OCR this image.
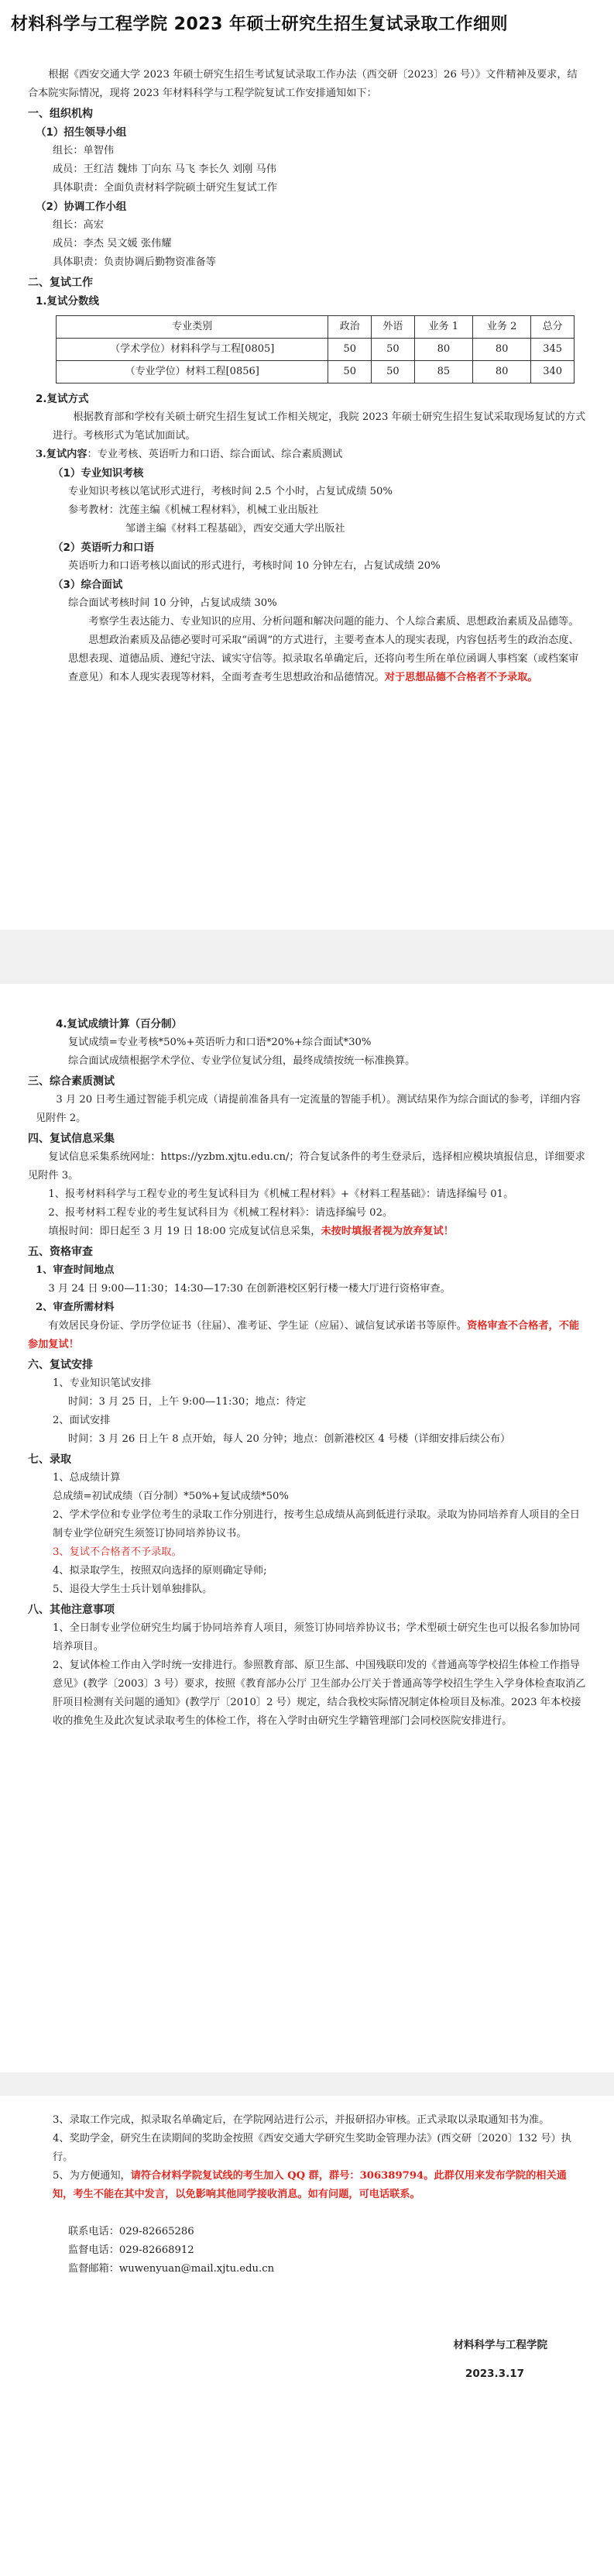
材料科学与工程学院 2023 年硕士研究生招生复试录取工作细则

根据《西安交通大学 2023 年硕士研究生招生考试复试录取工作办法（西交研〔2023〕26 号）》文件精神及要求，结合本院实际情况，现将 2023 年材料科学与工程学院复试工作安排通知如下：

一、组织机构

（1）招生领导小组

组长：单智伟

成员：王红洁 魏炜 丁向东 马飞 李长久 刘刚 马伟

具体职责：全面负责材料学院硕士研究生复试工作

（2）协调工作小组

组长：高宏

成员：李杰 吴文媛 张伟耀

具体职责：负责协调后勤物资准备等

二、复试工作

1.复试分数线

专业类别	政治	外语	业务 1	业务 2	总分
（学术学位）材料科学与工程[0805]	50	50	80	80	345
（专业学位）材料工程[0856]	50	50	85	80	340

2.复试方式

根据教育部和学校有关硕士研究生招生复试工作相关规定，我院 2023 年硕士研究生招生复试采取现场复试的方式进行。考核形式为笔试加面试。

3.复试内容：专业考核、英语听力和口语、综合面试、综合素质测试

（1）专业知识考核

专业知识考核以笔试形式进行，考核时间 2.5 个小时，占复试成绩 50%

参考教材：沈莲主编《机械工程材料》，机械工业出版社

邹谱主编《材料工程基础》，西安交通大学出版社

（2）英语听力和口语

英语听力和口语考核以面试的形式进行，考核时间 10 分钟左右，占复试成绩 20%

（3）综合面试

综合面试考核时间 10 分钟，占复试成绩 30%

考察学生表达能力、专业知识的应用、分析问题和解决问题的能力、个人综合素质、思想政治素质及品德等。

思想政治素质及品德必要时可采取“函调”的方式进行，主要考查本人的现实表现，内容包括考生的政治态度、思想表现、道德品质、遵纪守法、诚实守信等。拟录取名单确定后，还将向考生所在单位函调人事档案（或档案审查意见）和本人现实表现等材料，全面考查考生思想政治和品德情况。对于思想品德不合格者不予录取。

4.复试成绩计算（百分制）

复试成绩=专业考核*50%+英语听力和口语*20%+综合面试*30%

综合面试成绩根据学术学位、专业学位复试分组，最终成绩按统一标准换算。

三、综合素质测试

3 月 20 日考生通过智能手机完成（请提前准备具有一定流量的智能手机）。测试结果作为综合面试的参考，详细内容见附件 2。

四、复试信息采集

复试信息采集系统网址：https://yzbm.xjtu.edu.cn/；符合复试条件的考生登录后，选择相应模块填报信息，详细要求见附件 3。

1、报考材料科学与工程专业的考生复试科目为《机械工程材料》+《材料工程基础》：请选择编号 01。

2、报考材料工程专业的考生复试科目为《机械工程材料》：请选择编号 02。

填报时间：即日起至 3 月 19 日 18:00 完成复试信息采集，未按时填报者视为放弃复试！

五、资格审查

1、审查时间地点

3 月 24 日 9:00—11:30；14:30—17:30 在创新港校区躬行楼一楼大厅进行资格审查。

2、审查所需材料

有效居民身份证、学历学位证书（往届）、准考证、学生证（应届）、诚信复试承诺书等原件。资格审查不合格者，不能参加复试！

六、复试安排

1、专业知识笔试安排

时间：3 月 25 日，上午 9:00—11:30；地点：待定

2、面试安排

时间：3 月 26 日上午 8 点开始，每人 20 分钟；地点：创新港校区 4 号楼（详细安排后续公布）

七、录取

1、总成绩计算

总成绩=初试成绩（百分制）*50%+复试成绩*50%

2、学术学位和专业学位考生的录取工作分别进行，按考生总成绩从高到低进行录取。录取为协同培养育人项目的全日制专业学位研究生须签订协同培养协议书。

3、复试不合格者不予录取。

4、拟录取学生，按照双向选择的原则确定导师;

5、退役大学生士兵计划单独排队。

八、其他注意事项

1、全日制专业学位研究生均属于协同培养育人项目，须签订协同培养协议书；学术型硕士研究生也可以报名参加协同培养项目。

2、复试体检工作由入学时统一安排进行。参照教育部、原卫生部、中国残联印发的《普通高等学校招生体检工作指导意见》(教学〔2003〕3 号）要求，按照《教育部办公厅 卫生部办公厅关于普通高等学校招生学生入学身体检查取消乙肝项目检测有关问题的通知》(教学厅〔2010〕2 号）规定，结合我校实际情况制定体检项目及标准。2023 年本校接收的推免生及此次复试录取考生的体检工作，将在入学时由研究生学籍管理部门会同校医院安排进行。

3、录取工作完成，拟录取名单确定后，在学院网站进行公示，并报研招办审核。正式录取以录取通知书为准。

4、奖助学金，研究生在读期间的奖助金按照《西安交通大学研究生奖助金管理办法》(西交研〔2020〕132 号）执行。

5、为方便通知，请符合材料学院复试线的考生加入 QQ 群，群号：306389794。此群仅用来发布学院的相关通知，考生不能在其中发言，以免影响其他同学接收消息。如有问题，可电话联系。

联系电话：029-82665286

监督电话：029-82668912

监督邮箱：wuwenyuan@mail.xjtu.edu.cn

材料科学与工程学院

2023.3.17
